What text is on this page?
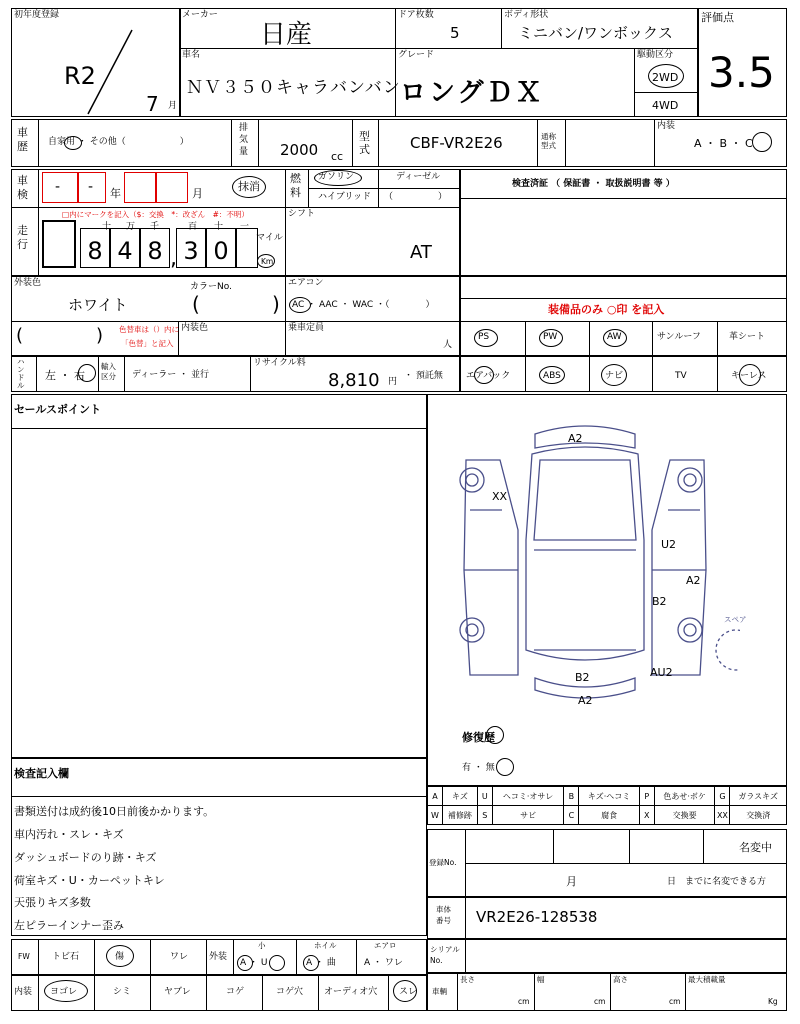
初年度登録
R2
7 月
メーカー
日産
ドア枚数
5
ボディ形状
ミニバン/ワンボックス
評価点
3.5
車名
ＮＶ３５０キャラバンバン
グレード
ロングＤＸ
駆動区分
2WD
4WD
車歴	自家用 ・ その他（　　　　　　）
排気量 2000 cc
型式	CBF-VR2E26	通称型式
内装
A ・ B ・ C
車検 - - 年	月
抹消
燃料
ガソリン	ディーゼル
ハイブリッド （　　　　　）
検査済証 （ 保証書 ・ 取扱説明書 等 ）
走行
□内にマークを記入（$：交換　*：改ざん　#：不明）
十
8
万
4
千
8 ,
百
3
十
0
一
マイル
Km
シフト
AT
外装色
ホワイト
カラーNo.
(	)
エアコン
AC ・ AAC ・ WAC ・（　　　　）	装備品のみ ○印 を記入
(	) 色替車は（）内に
「色替」と記入
内装色	乗車定員
人
PS	PW	AW	サンルーフ	革シート
ハンドル
左 ・ 右
輸入区分	ディーラー ・ 並行
リサイクル料
8,810 円
・ 預託無	エアバック	ABS	ナビ	TV	キーレス
セールスポイント
A2
XX
U2
A2
B2
AU2
B2
A2
スペア
修復歴
有 ・ 無
検査記入欄
書類送付は成約後10日前後かかります。
車内汚れ・スレ・キズ
ダッシュボードのり跡・キズ
荷室キズ・U・カーペットキレ
天張りキズ多数
左ピラーインナー歪み
A	キズ	U	ヘコミ·オサレ	B	キズ·ヘコミ	P	色あせ·ボケ	G	ガラスキズ
W	補修跡	S	サビ	C	腐食	X	交換要	XX	交換済
登録No.
名変中
月	日　までに名変できる方
車体番号	VR2E26-128538
シリアルNo.
FW トビ石	傷	ワレ 外装
小
A ・ U
ホイル
A ・ 曲
エアロ
A ・ ワレ
内装 ヨゴレ	シミ	ヤブレ	コゲ	コゲ穴 オーディオ穴 スレ 車輌
長さ
cm
幅
cm
高さ
cm
最大積載量
Kg
